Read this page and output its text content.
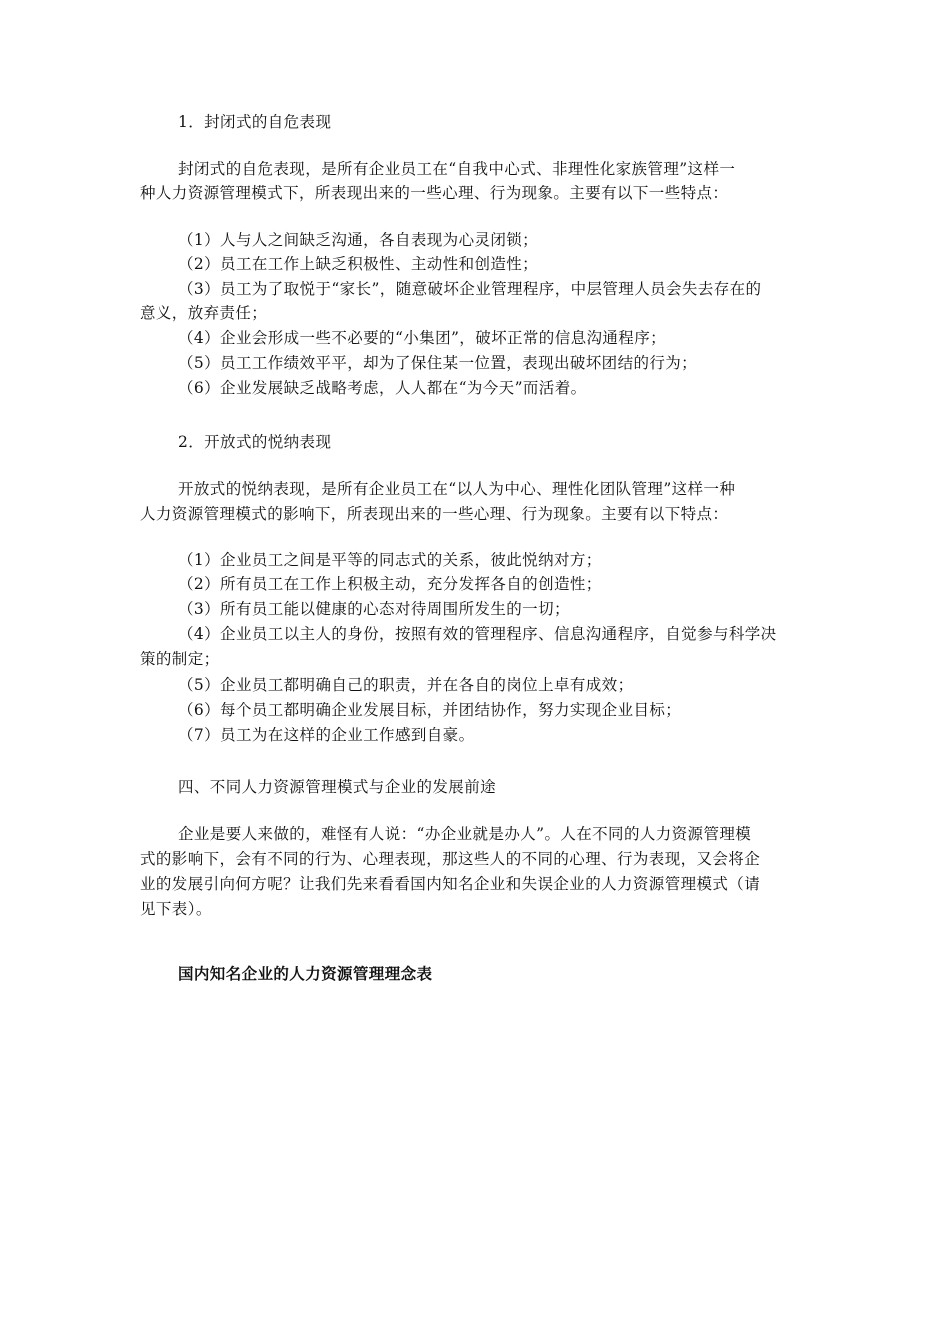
1．封闭式的自危表现
封闭式的自危表现，是所有企业员工在“自我中心式、非理性化家族管理”这样一
种人力资源管理模式下，所表现出来的一些心理、行为现象。主要有以下一些特点：
（1）人与人之间缺乏沟通，各自表现为心灵闭锁；
（2）员工在工作上缺乏积极性、主动性和创造性；
（3）员工为了取悦于“家长”，随意破坏企业管理程序，中层管理人员会失去存在的
意义，放弃责任；
（4）企业会形成一些不必要的“小集团”，破坏正常的信息沟通程序；
（5）员工工作绩效平平，却为了保住某一位置，表现出破坏团结的行为；
（6）企业发展缺乏战略考虑，人人都在“为今天”而活着。
2．开放式的悦纳表现
开放式的悦纳表现，是所有企业员工在“以人为中心、理性化团队管理”这样一种
人力资源管理模式的影响下，所表现出来的一些心理、行为现象。主要有以下特点：
（1）企业员工之间是平等的同志式的关系，彼此悦纳对方；
（2）所有员工在工作上积极主动，充分发挥各自的创造性；
（3）所有员工能以健康的心态对待周围所发生的一切；
（4）企业员工以主人的身份，按照有效的管理程序、信息沟通程序，自觉参与科学决
策的制定；
（5）企业员工都明确自己的职责，并在各自的岗位上卓有成效；
（6）每个员工都明确企业发展目标，并团结协作，努力实现企业目标；
（7）员工为在这样的企业工作感到自豪。
四、不同人力资源管理模式与企业的发展前途
企业是要人来做的，难怪有人说：“办企业就是办人”。人在不同的人力资源管理模
式的影响下，会有不同的行为、心理表现，那这些人的不同的心理、行为表现，又会将企
业的发展引向何方呢？让我们先来看看国内知名企业和失误企业的人力资源管理模式（请
见下表）。
国内知名企业的人力资源管理理念表
